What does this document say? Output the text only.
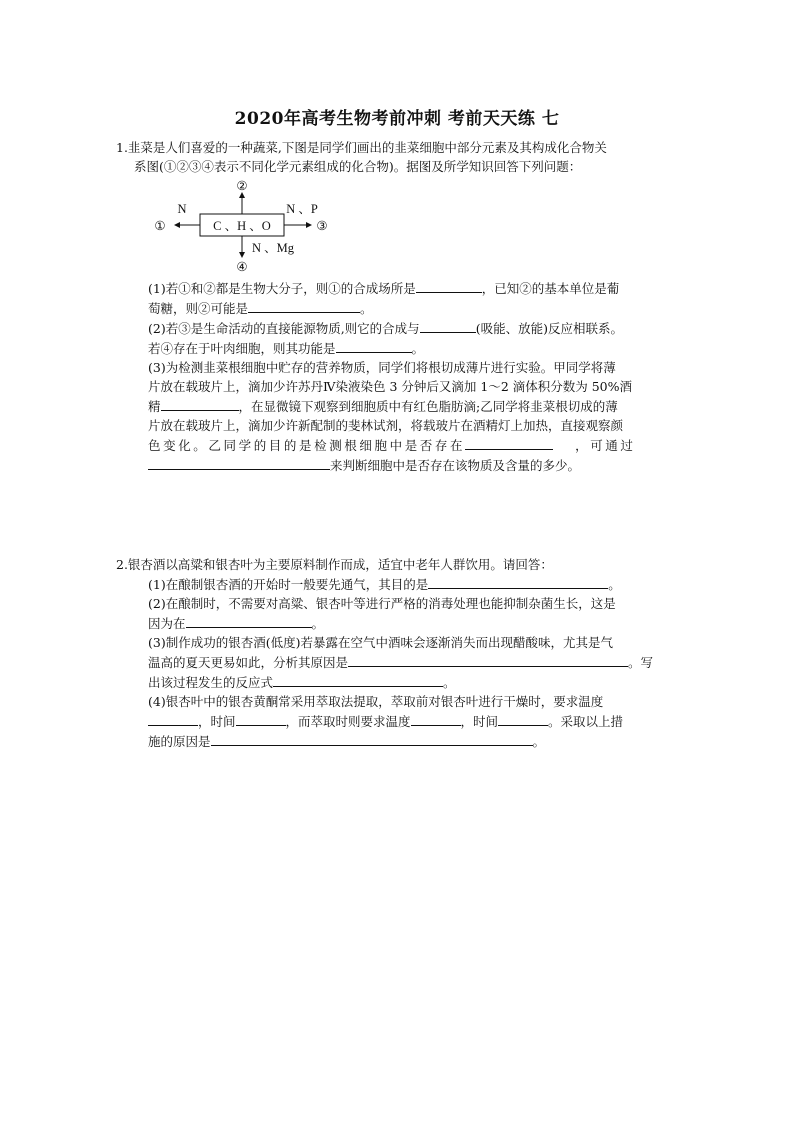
2020年高考生物考前冲刺 考前天天练 七

1.韭菜是人们喜爱的一种蔬菜,下图是同学们画出的韭菜细胞中部分元素及其构成化合物关

系图(①②③④表示不同化学元素组成的化合物)。据图及所学知识回答下列问题：

C 、H 、O
②
①
N
③
N 、P
④
N 、Mg

(1)若①和②都是生物大分子，则①的合成场所是	，已知②的基本单位是葡

萄糖，则②可能是	。

(2)若③是生命活动的直接能源物质,则它的合成与	(吸能、放能)反应相联系。

若④存在于叶肉细胞，则其功能是	。

(3)为检测韭菜根细胞中贮存的营养物质，同学们将根切成薄片进行实验。甲同学将薄

片放在载玻片上，滴加少许苏丹Ⅳ染液染色 3 分钟后又滴加 1～2 滴体积分数为 50%酒

精	，在显微镜下观察到细胞质中有红色脂肪滴;乙同学将韭菜根切成的薄

片放在载玻片上，滴加少许新配制的斐林试剂，将载玻片在酒精灯上加热，直接观察颜

色变化。乙同学的目的是检测根细胞中是否存在	，可通过

来判断细胞中是否存在该物质及含量的多少。

2.银杏酒以高粱和银杏叶为主要原料制作而成，适宜中老年人群饮用。请回答：

(1)在酿制银杏酒的开始时一般要先通气，其目的是	。

(2)在酿制时，不需要对高粱、银杏叶等进行严格的消毒处理也能抑制杂菌生长，这是

因为在	。

(3)制作成功的银杏酒(低度)若暴露在空气中酒味会逐渐消失而出现醋酸味，尤其是气

温高的夏天更易如此，分析其原因是	。写

出该过程发生的反应式	。

(4)银杏叶中的银杏黄酮常采用萃取法提取，萃取前对银杏叶进行干燥时，要求温度

，时间	，而萃取时则要求温度	，时间	。采取以上措

施的原因是	。
